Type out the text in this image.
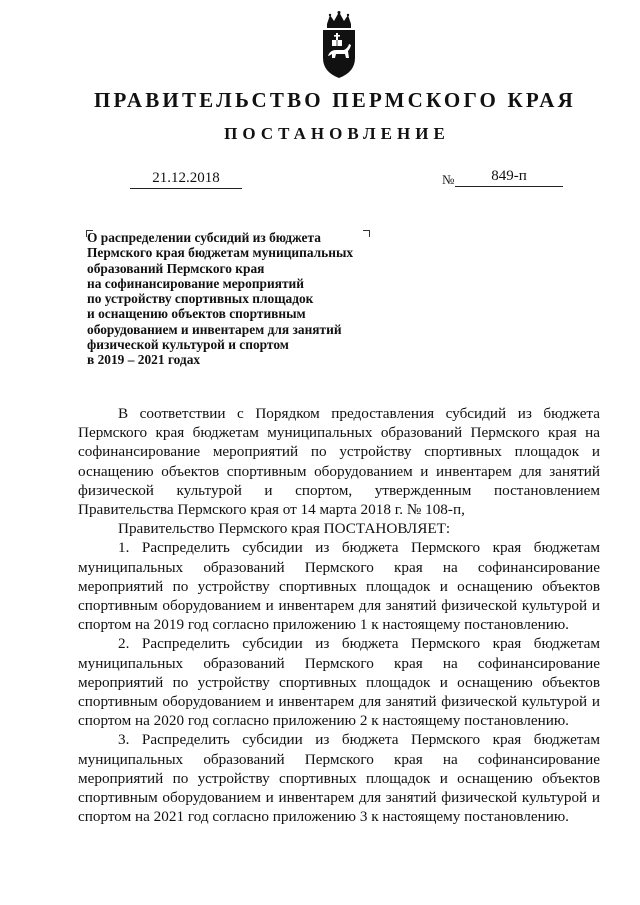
ПРАВИТЕЛЬСТВО ПЕРМСКОГО КРАЯ
ПОСТАНОВЛЕНИЕ
21.12.2018	№	849-п
О распределении субсидий из бюджета
Пермского края бюджетам муниципальных
образований Пермского края
на софинансирование мероприятий
по устройству спортивных площадок
и оснащению объектов спортивным
оборудованием и инвентарем для занятий
физической культурой и спортом
в 2019 – 2021 годах

В соответствии с Порядком предоставления субсидий из бюджета Пермского края бюджетам муниципальных образований Пермского края на софинансирование мероприятий по устройству спортивных площадок и оснащению объектов спортивным оборудованием и инвентарем для занятий физической культурой и спортом, утвержденным постановлением Правительства Пермского края от 14 марта 2018 г. № 108-п,

Правительство Пермского края ПОСТАНОВЛЯЕТ:

1. Распределить субсидии из бюджета Пермского края бюджетам муниципальных образований Пермского края на софинансирование мероприятий по устройству спортивных площадок и оснащению объектов спортивным оборудованием и инвентарем для занятий физической культурой и спортом на 2019 год согласно приложению 1 к настоящему постановлению.

2. Распределить субсидии из бюджета Пермского края бюджетам муниципальных образований Пермского края на софинансирование мероприятий по устройству спортивных площадок и оснащению объектов спортивным оборудованием и инвентарем для занятий физической культурой и спортом на 2020 год согласно приложению 2 к настоящему постановлению.

3. Распределить субсидии из бюджета Пермского края бюджетам муниципальных образований Пермского края на софинансирование мероприятий по устройству спортивных площадок и оснащению объектов спортивным оборудованием и инвентарем для занятий физической культурой и спортом на 2021 год согласно приложению 3 к настоящему постановлению.
